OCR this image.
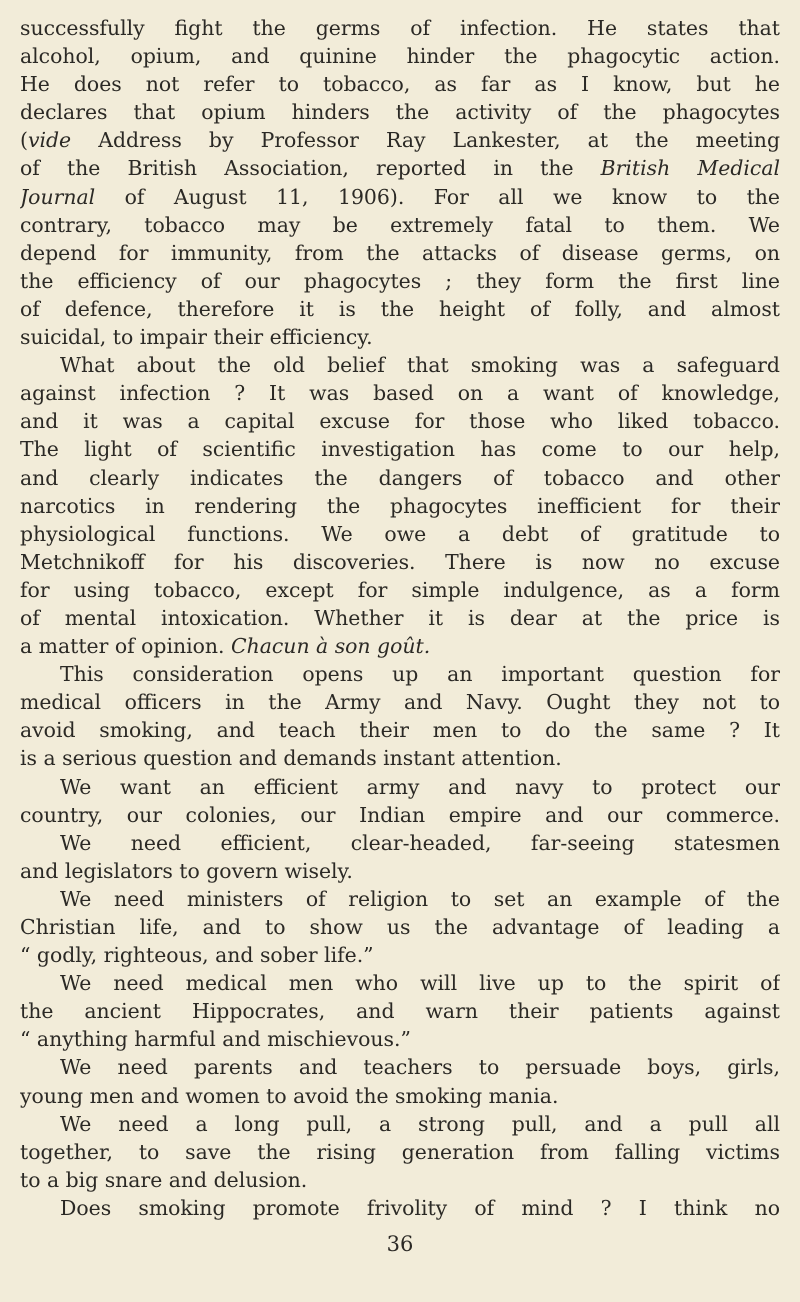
successfully fight the germs of infection. He states that
alcohol, opium, and quinine hinder the phagocytic action.
He does not refer to tobacco, as far as I know, but he
declares that opium hinders the activity of the phagocytes
(vide Address by Professor Ray Lankester, at the meeting
of the British Association, reported in the British Medical
Journal of August 11, 1906). For all we know to the
contrary, tobacco may be extremely fatal to them. We
depend for immunity, from the attacks of disease germs, on
the efficiency of our phagocytes ; they form the first line
of defence, therefore it is the height of folly, and almost
suicidal, to impair their efficiency.
What about the old belief that smoking was a safeguard
against infection ? It was based on a want of knowledge,
and it was a capital excuse for those who liked tobacco.
The light of scientific investigation has come to our help,
and clearly indicates the dangers of tobacco and other
narcotics in rendering the phagocytes inefficient for their
physiological functions. We owe a debt of gratitude to
Metchnikoff for his discoveries. There is now no excuse
for using tobacco, except for simple indulgence, as a form
of mental intoxication. Whether it is dear at the price is
a matter of opinion. Chacun à son goût.
This consideration opens up an important question for
medical officers in the Army and Navy. Ought they not to
avoid smoking, and teach their men to do the same ? It
is a serious question and demands instant attention.
We want an efficient army and navy to protect our
country, our colonies, our Indian empire and our commerce.
We need efficient, clear-headed, far-seeing statesmen
and legislators to govern wisely.
We need ministers of religion to set an example of the
Christian life, and to show us the advantage of leading a
“ godly, righteous, and sober life.”
We need medical men who will live up to the spirit of
the ancient Hippocrates, and warn their patients against
“ anything harmful and mischievous.”
We need parents and teachers to persuade boys, girls,
young men and women to avoid the smoking mania.
We need a long pull, a strong pull, and a pull all
together, to save the rising generation from falling victims
to a big snare and delusion.
Does smoking promote frivolity of mind ? I think no
36
